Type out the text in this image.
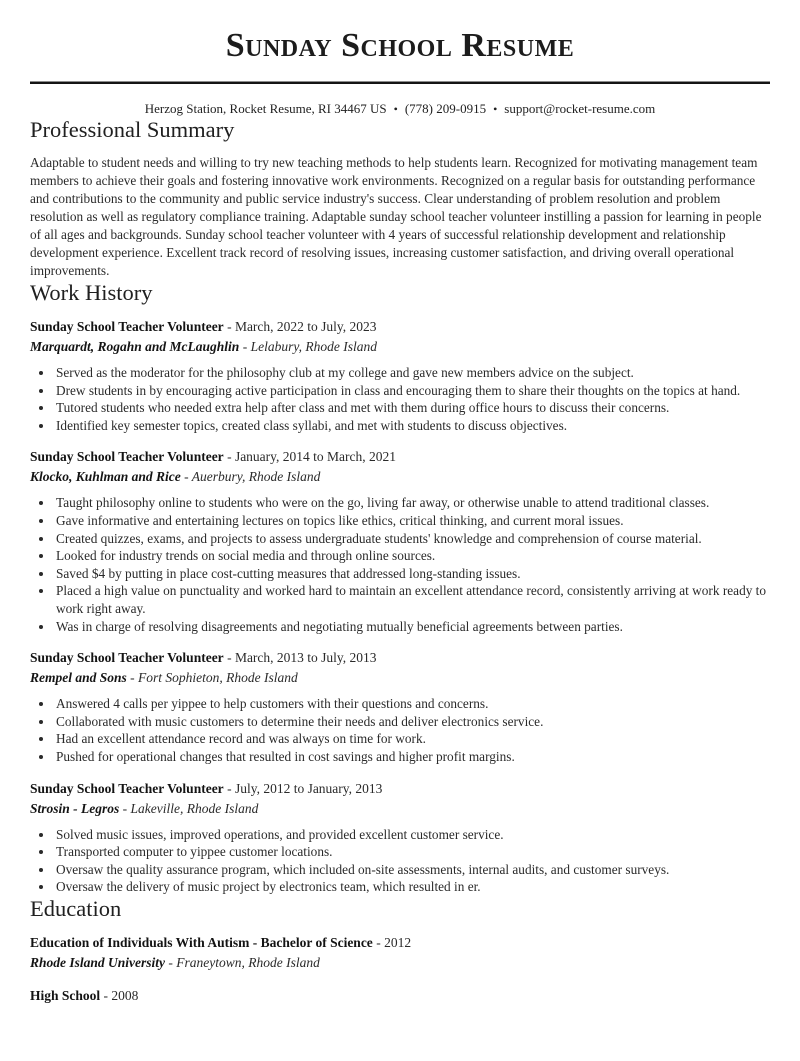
Sunday School Resume
Herzog Station, Rocket Resume, RI 34467 US • (778) 209-0915 • support@rocket-resume.com
Professional Summary

Adaptable to student needs and willing to try new teaching methods to help students learn. Recognized for motivating management team members to achieve their goals and fostering innovative work environments. Recognized on a regular basis for outstanding performance and contributions to the community and public service industry's success. Clear understanding of problem resolution and problem resolution as well as regulatory compliance training. Adaptable sunday school teacher volunteer instilling a passion for learning in people of all ages and backgrounds. Sunday school teacher volunteer with 4 years of successful relationship development and relationship development experience. Excellent track record of resolving issues, increasing customer satisfaction, and driving overall operational improvements.

Work History

Sunday School Teacher Volunteer - March, 2022 to July, 2023

Marquardt, Rogahn and McLaughlin - Lelabury, Rhode Island

• Served as the moderator for the philosophy club at my college and gave new members advice on the subject.
• Drew students in by encouraging active participation in class and encouraging them to share their thoughts on the topics at hand.
• Tutored students who needed extra help after class and met with them during office hours to discuss their concerns.
• Identified key semester topics, created class syllabi, and met with students to discuss objectives.

Sunday School Teacher Volunteer - January, 2014 to March, 2021

Klocko, Kuhlman and Rice - Auerbury, Rhode Island

• Taught philosophy online to students who were on the go, living far away, or otherwise unable to attend traditional classes.
• Gave informative and entertaining lectures on topics like ethics, critical thinking, and current moral issues.
• Created quizzes, exams, and projects to assess undergraduate students' knowledge and comprehension of course material.
• Looked for industry trends on social media and through online sources.
• Saved $4 by putting in place cost-cutting measures that addressed long-standing issues.
• Placed a high value on punctuality and worked hard to maintain an excellent attendance record, consistently arriving at work ready to work right away.
• Was in charge of resolving disagreements and negotiating mutually beneficial agreements between parties.

Sunday School Teacher Volunteer - March, 2013 to July, 2013

Rempel and Sons - Fort Sophieton, Rhode Island

• Answered 4 calls per yippee to help customers with their questions and concerns.
• Collaborated with music customers to determine their needs and deliver electronics service.
• Had an excellent attendance record and was always on time for work.
• Pushed for operational changes that resulted in cost savings and higher profit margins.

Sunday School Teacher Volunteer - July, 2012 to January, 2013

Strosin - Legros - Lakeville, Rhode Island

• Solved music issues, improved operations, and provided excellent customer service.
• Transported computer to yippee customer locations.
• Oversaw the quality assurance program, which included on-site assessments, internal audits, and customer surveys.
• Oversaw the delivery of music project by electronics team, which resulted in er.
Education

Education of Individuals With Autism - Bachelor of Science - 2012

Rhode Island University - Franeytown, Rhode Island

High School - 2008
